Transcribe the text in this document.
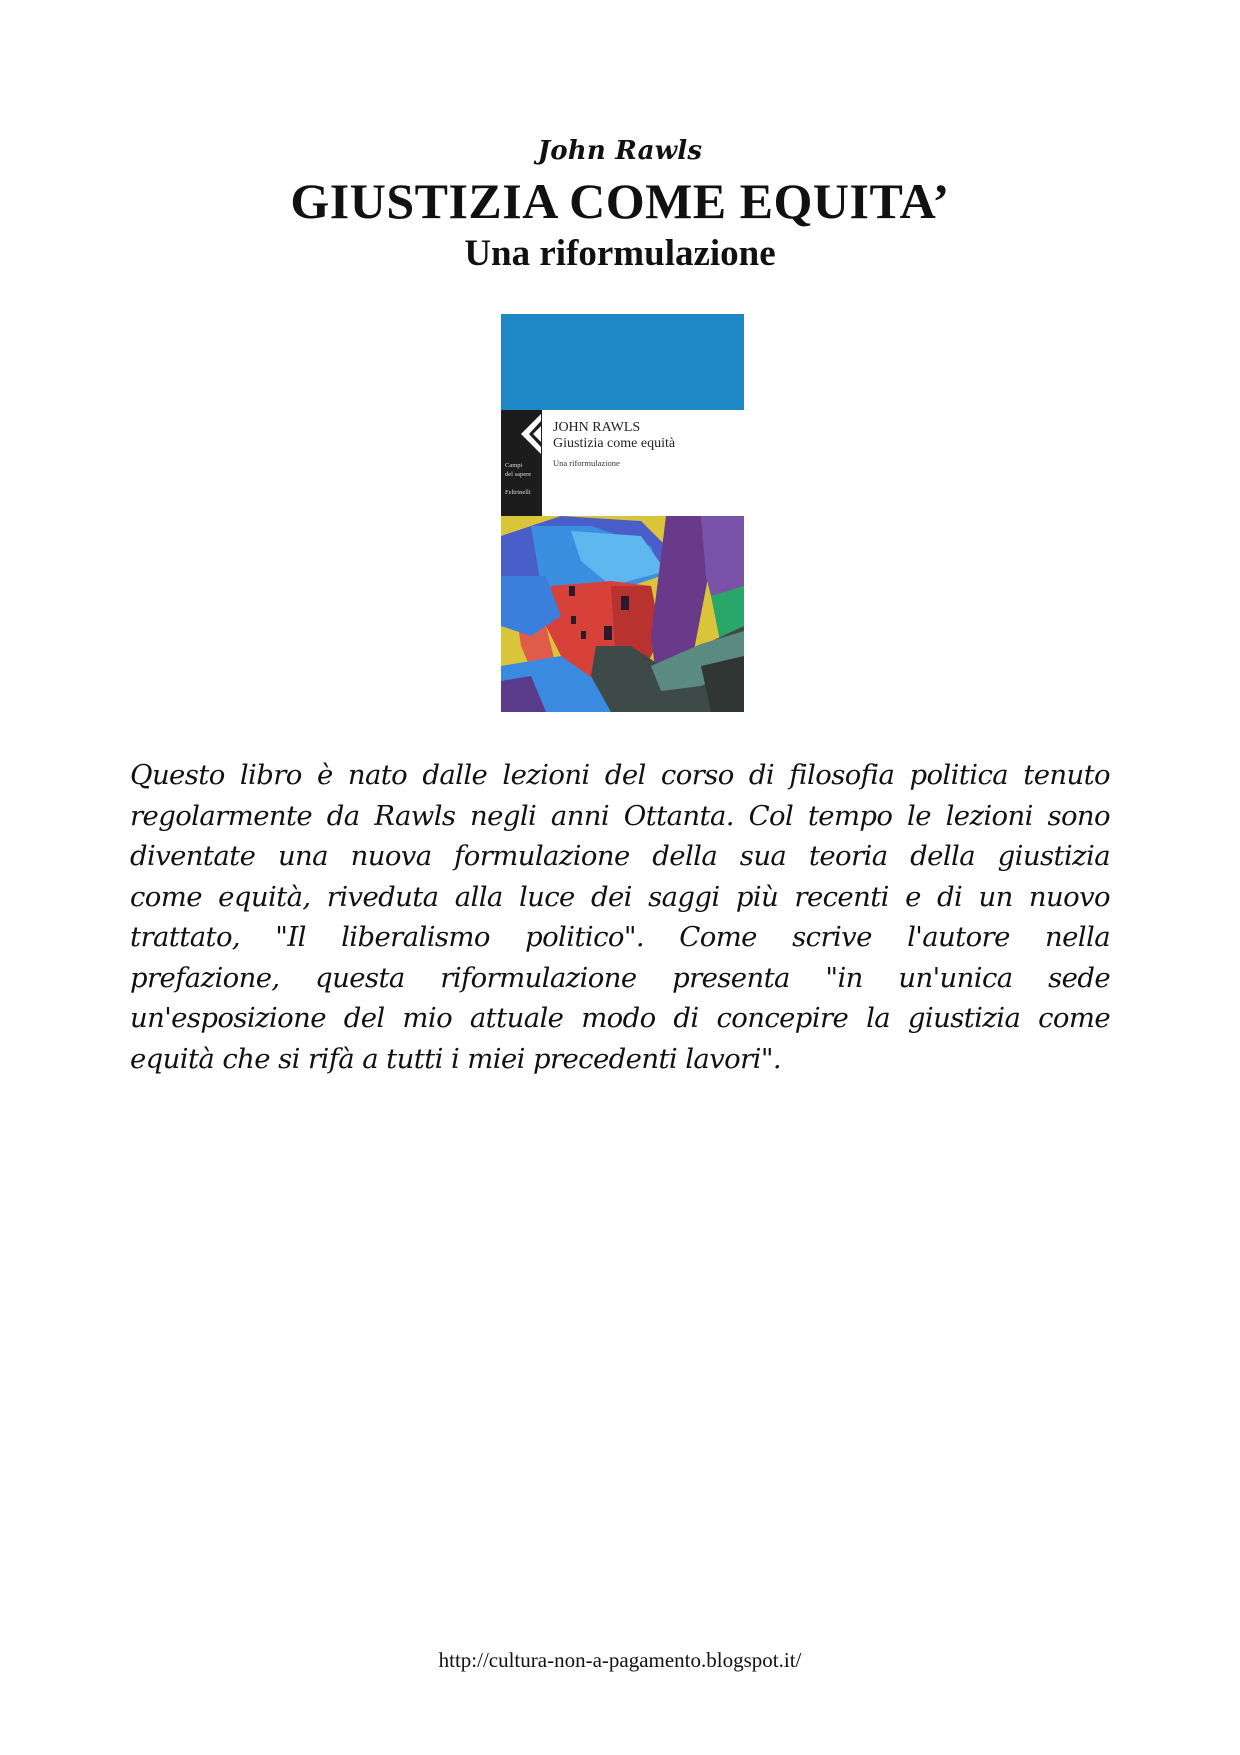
John Rawls
GIUSTIZIA COME EQUITA’
Una riformulazione
Campi
del sapere
Feltrinelli
JOHN RAWLS
Giustizia come equità
Una riformulazione
Questo libro è nato dalle lezioni del corso di filosofia politica tenuto
regolarmente da Rawls negli anni Ottanta. Col tempo le lezioni sono
diventate una nuova formulazione della sua teoria della giustizia
come equità, riveduta alla luce dei saggi più recenti e di un nuovo
trattato, "Il liberalismo politico". Come scrive l'autore nella
prefazione, questa riformulazione presenta "in un'unica sede
un'esposizione del mio attuale modo di concepire la giustizia come
equità che si rifà a tutti i miei precedenti lavori".
http://cultura-non-a-pagamento.blogspot.it/
